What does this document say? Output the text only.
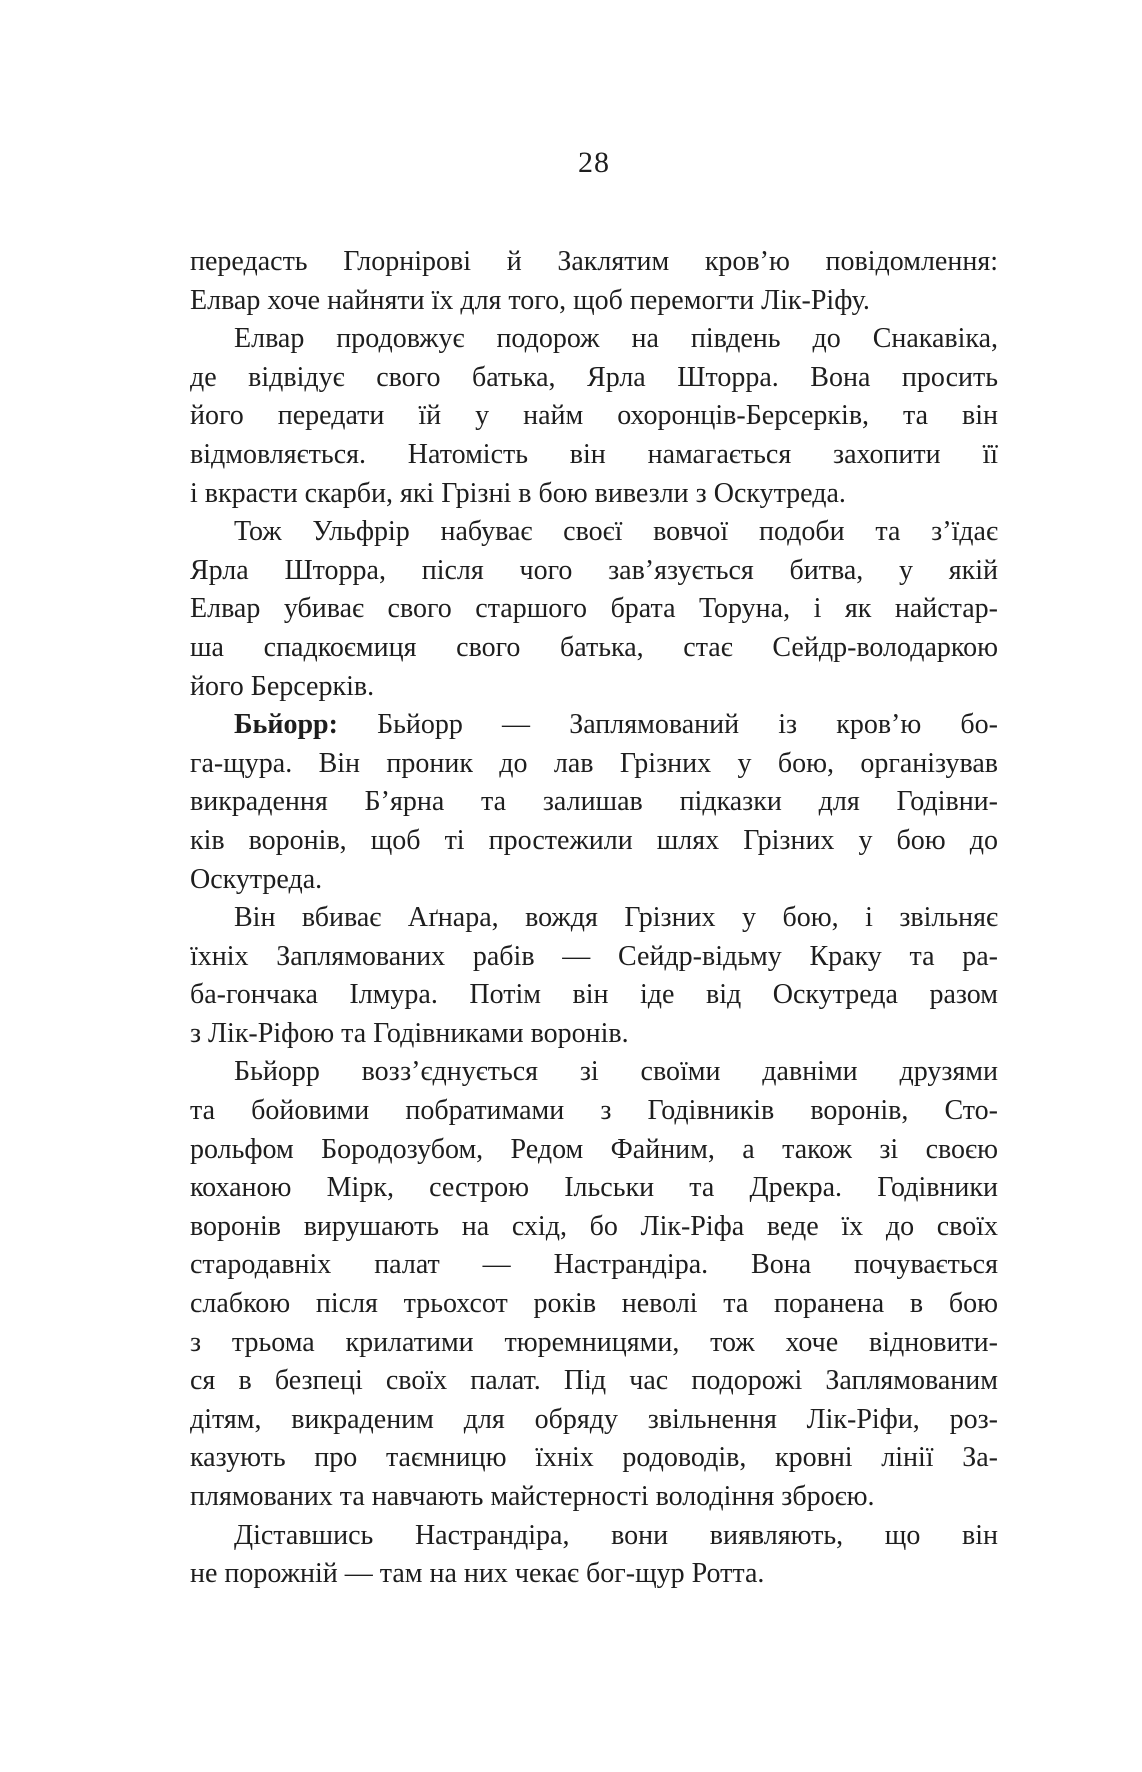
28
передасть Глорнірові й Заклятим кров’ю повідомлення:
Елвар хоче найняти їх для того, щоб перемогти Лік-Ріфу.
Елвар продовжує подорож на південь до Снакавіка,
де відвідує свого батька, Ярла Шторра. Вона просить
його передати їй у найм охоронців-Берсерків, та він
відмовляється. Натомість він намагається захопити її
і вкрасти скарби, які Грізні в бою вивезли з Оскутреда.
Тож Ульфрір набуває своєї вовчої подоби та з’їдає
Ярла Шторра, після чого зав’язується битва, у якій
Елвар убиває свого старшого брата Торуна, і як найстар-
ша спадкоємиця свого батька, стає Сейдр-володаркою
його Берсерків.
Бьйорр: Бьйорр — Заплямований із кров’ю бо-
га-щура. Він проник до лав Грізних у бою, організував
викрадення Б’ярна та залишав підказки для Годівни-
ків воронів, щоб ті простежили шлях Грізних у бою до
Оскутреда.
Він вбиває Аґнара, вождя Грізних у бою, і звільняє
їхніх Заплямованих рабів — Сейдр-відьму Краку та ра-
ба-гончака Ілмура. Потім він іде від Оскутреда разом
з Лік-Ріфою та Годівниками воронів.
Бьйорр возз’єднується зі своїми давніми друзями
та бойовими побратимами з Годівників воронів, Сто-
рольфом Бородозубом, Редом Файним, а також зі своєю
коханою Мірк, сестрою Ільськи та Дрекра. Годівники
воронів вирушають на схід, бо Лік-Ріфа веде їх до своїх
стародавніх палат — Настрандіра. Вона почувається
слабкою після трьохсот років неволі та поранена в бою
з трьома крилатими тюремницями, тож хоче відновити-
ся в безпеці своїх палат. Під час подорожі Заплямованим
дітям, викраденим для обряду звільнення Лік-Ріфи, роз-
казують про таємницю їхніх родоводів, кровні лінії За-
плямованих та навчають майстерності володіння зброєю.
Діставшись Настрандіра, вони виявляють, що він
не порожній — там на них чекає бог-щур Ротта.
